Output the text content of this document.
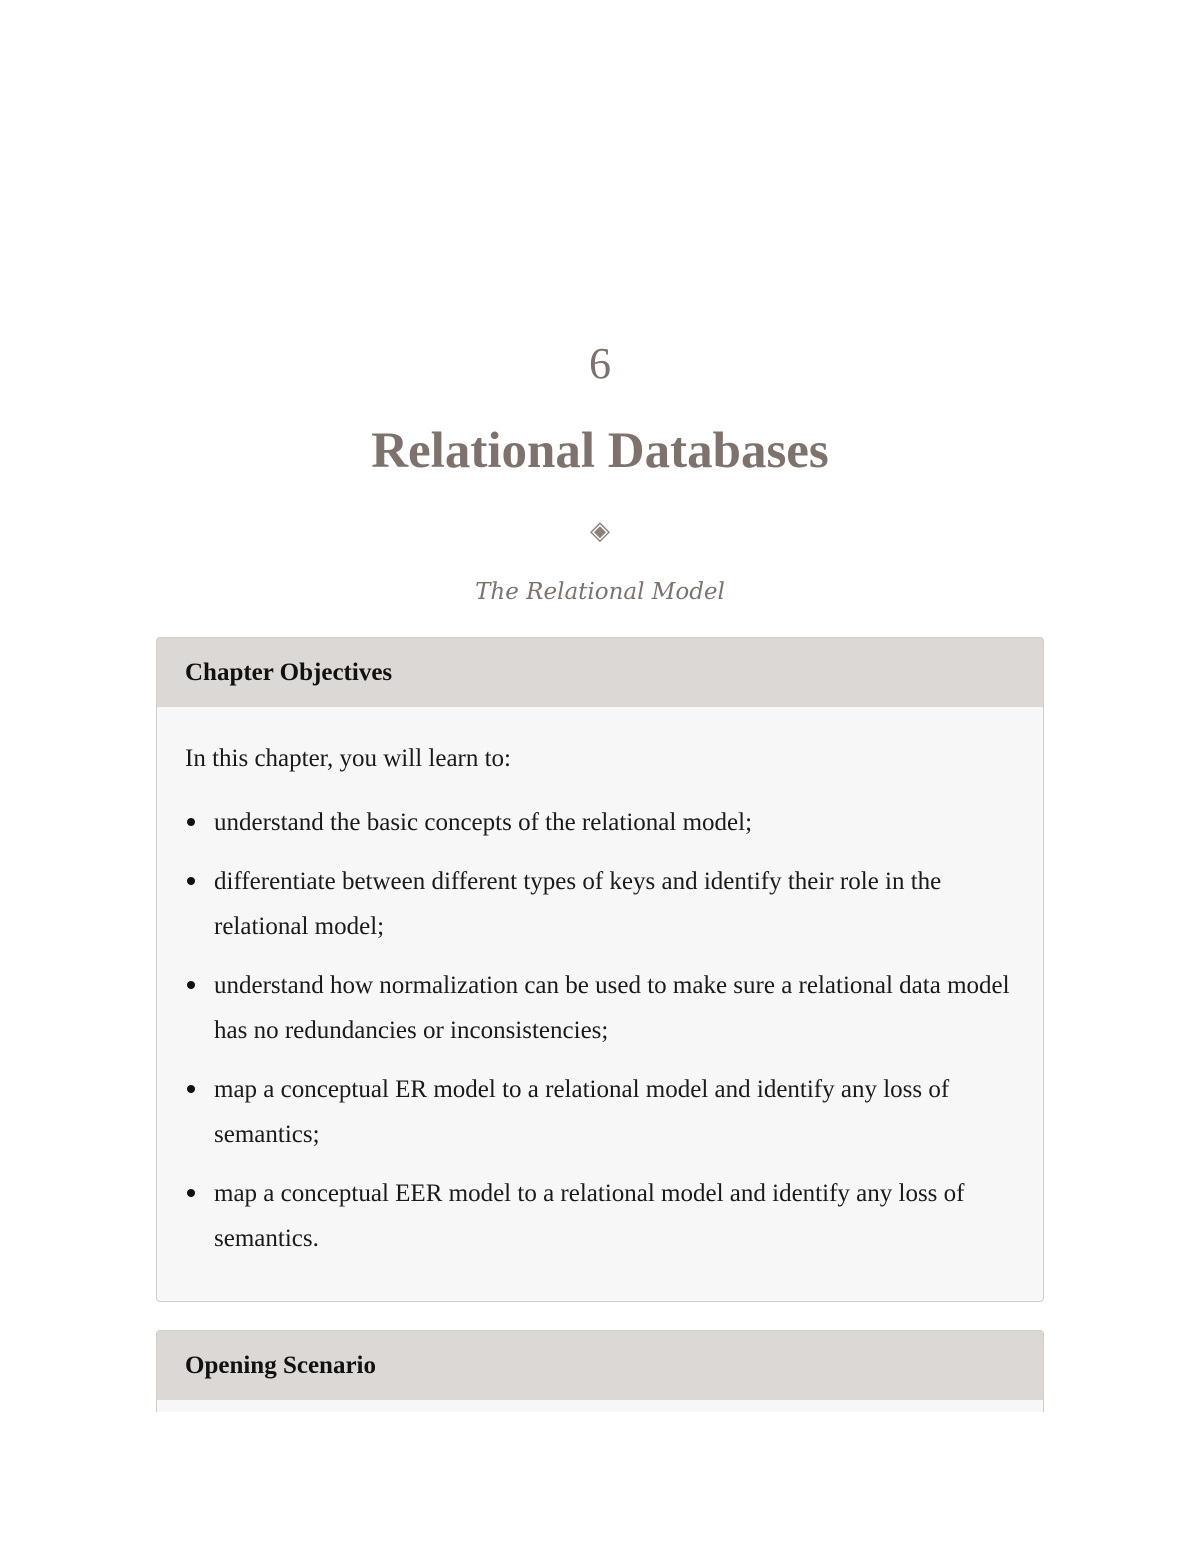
6
Relational Databases
◈
The Relational Model
Chapter Objectives

In this chapter, you will learn to:

understand the basic concepts of the relational model;
differentiate between different types of keys and identify their role in the relational model;
understand how normalization can be used to make sure a relational data model has no redundancies or inconsistencies;
map a conceptual ER model to a relational model and identify any loss of semantics;
map a conceptual EER model to a relational model and identify any loss of semantics.
Opening Scenario
